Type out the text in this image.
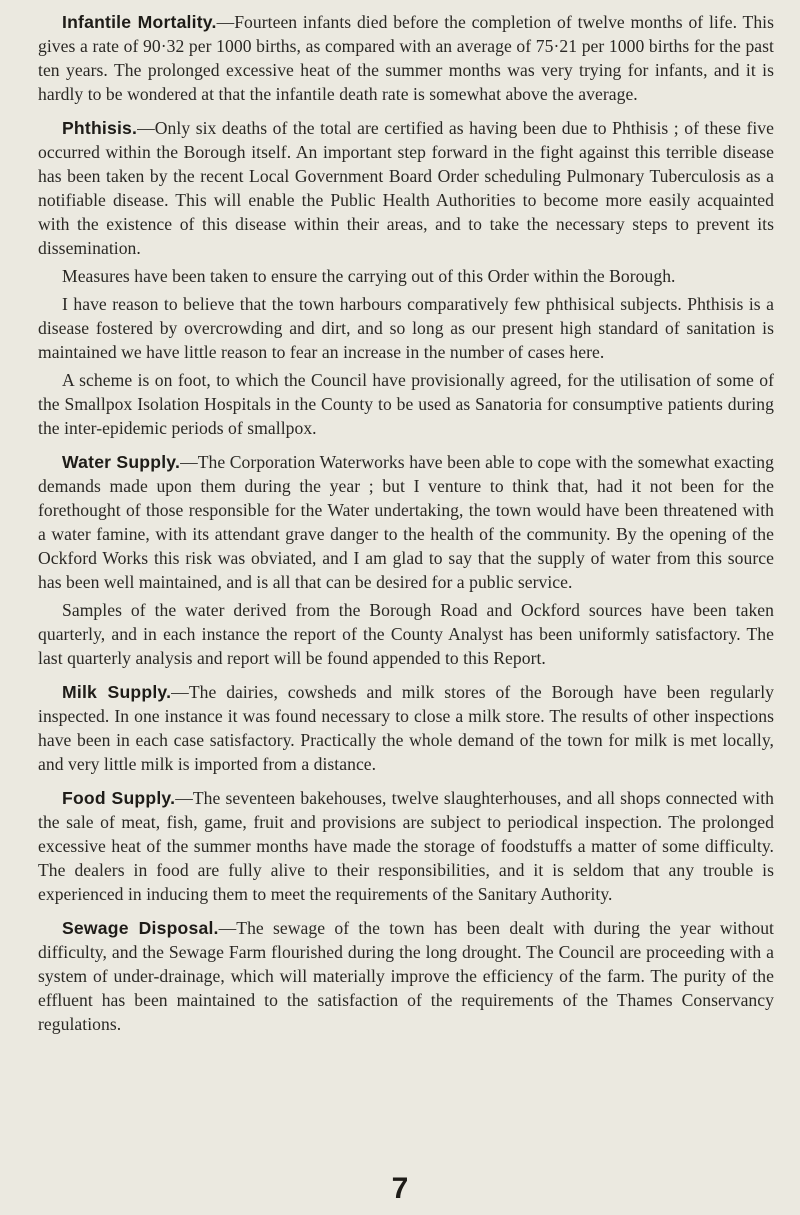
Infantile Mortality.—Fourteen infants died before the completion of twelve months of life. This gives a rate of 90·32 per 1000 births, as compared with an average of 75·21 per 1000 births for the past ten years. The prolonged excessive heat of the summer months was very trying for infants, and it is hardly to be wondered at that the infantile death rate is somewhat above the average.

Phthisis.—Only six deaths of the total are certified as having been due to Phthisis ; of these five occurred within the Borough itself. An important step forward in the fight against this terrible disease has been taken by the recent Local Government Board Order scheduling Pulmonary Tuberculosis as a notifiable disease. This will enable the Public Health Authorities to become more easily acquainted with the existence of this disease within their areas, and to take the necessary steps to prevent its dissemination.

Measures have been taken to ensure the carrying out of this Order within the Borough.

I have reason to believe that the town harbours comparatively few phthisical subjects. Phthisis is a disease fostered by overcrowding and dirt, and so long as our present high standard of sanitation is maintained we have little reason to fear an increase in the number of cases here.

A scheme is on foot, to which the Council have provisionally agreed, for the utilisation of some of the Smallpox Isolation Hospitals in the County to be used as Sanatoria for consumptive patients during the inter-epidemic periods of smallpox.

Water Supply.—The Corporation Waterworks have been able to cope with the somewhat exacting demands made upon them during the year ; but I venture to think that, had it not been for the forethought of those responsible for the Water undertaking, the town would have been threatened with a water famine, with its attendant grave danger to the health of the community. By the opening of the Ockford Works this risk was obviated, and I am glad to say that the supply of water from this source has been well maintained, and is all that can be desired for a public service.

Samples of the water derived from the Borough Road and Ockford sources have been taken quarterly, and in each instance the report of the County Analyst has been uniformly satisfactory. The last quarterly analysis and report will be found appended to this Report.

Milk Supply.—The dairies, cowsheds and milk stores of the Borough have been regularly inspected. In one instance it was found necessary to close a milk store. The results of other inspections have been in each case satisfactory. Practically the whole demand of the town for milk is met locally, and very little milk is imported from a distance.

Food Supply.—The seventeen bakehouses, twelve slaughterhouses, and all shops connected with the sale of meat, fish, game, fruit and provisions are subject to periodical inspection. The prolonged excessive heat of the summer months have made the storage of foodstuffs a matter of some difficulty. The dealers in food are fully alive to their responsibilities, and it is seldom that any trouble is experienced in inducing them to meet the requirements of the Sanitary Authority.

Sewage Disposal.—The sewage of the town has been dealt with during the year without difficulty, and the Sewage Farm flourished during the long drought. The Council are proceeding with a system of under-drainage, which will materially improve the efficiency of the farm. The purity of the effluent has been maintained to the satisfaction of the requirements of the Thames Conservancy regulations.

7
